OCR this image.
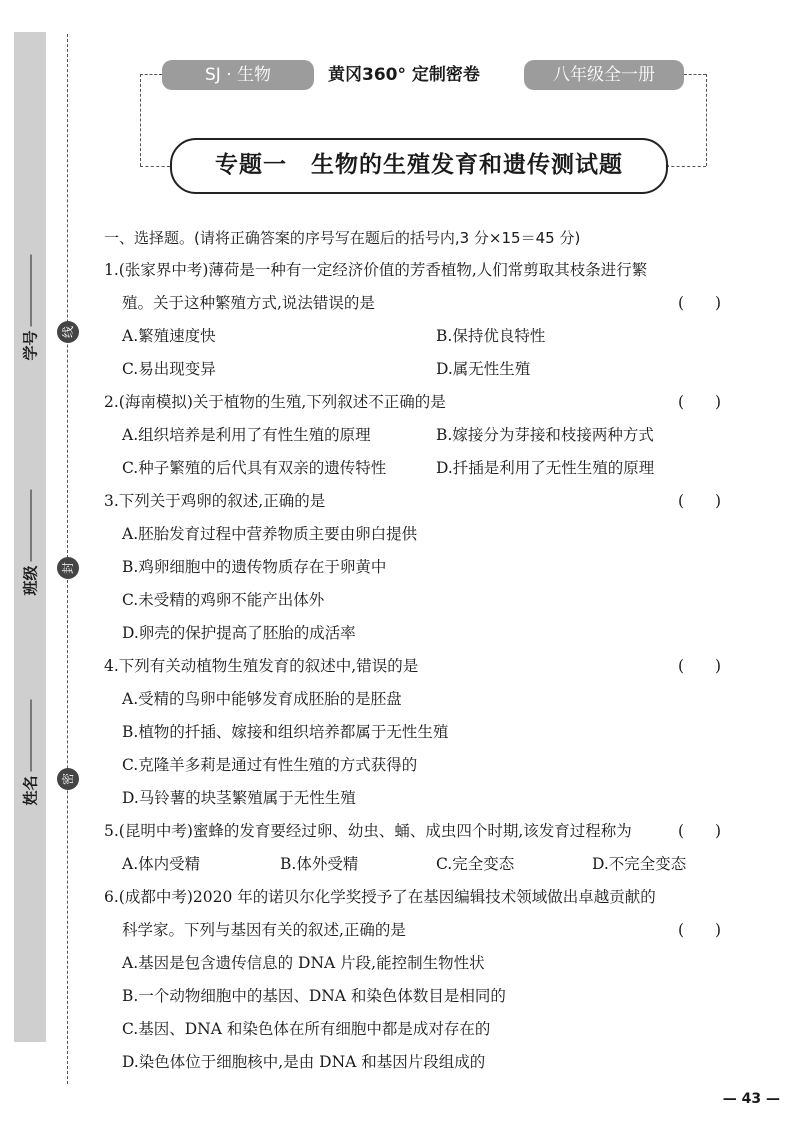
线
封
密
学号
班级
姓名
SJ · 生物	黄冈360° 定制密卷	八年级全一册
专题一　生物的生殖发育和遗传测试题
一、选择题。(请将正确答案的序号写在题后的括号内,3 分×15＝45 分)
1.(张家界中考)薄荷是一种有一定经济价值的芳香植物,人们常剪取其枝条进行繁
殖。关于这种繁殖方式,说法错误的是	(　　)
A.繁殖速度快	B.保持优良特性
C.易出现变异	D.属无性生殖
2.(海南模拟)关于植物的生殖,下列叙述不正确的是	(　　)
A.组织培养是利用了有性生殖的原理	B.嫁接分为芽接和枝接两种方式
C.种子繁殖的后代具有双亲的遗传特性	D.扦插是利用了无性生殖的原理
3.下列关于鸡卵的叙述,正确的是	(　　)
A.胚胎发育过程中营养物质主要由卵白提供
B.鸡卵细胞中的遗传物质存在于卵黄中
C.未受精的鸡卵不能产出体外
D.卵壳的保护提高了胚胎的成活率
4.下列有关动植物生殖发育的叙述中,错误的是	(　　)
A.受精的鸟卵中能够发育成胚胎的是胚盘
B.植物的扦插、嫁接和组织培养都属于无性生殖
C.克隆羊多莉是通过有性生殖的方式获得的
D.马铃薯的块茎繁殖属于无性生殖
5.(昆明中考)蜜蜂的发育要经过卵、幼虫、蛹、成虫四个时期,该发育过程称为	(　　)
A.体内受精	B.体外受精	C.完全变态	D.不完全变态
6.(成都中考)2020 年的诺贝尔化学奖授予了在基因编辑技术领域做出卓越贡献的
科学家。下列与基因有关的叙述,正确的是	(　　)
A.基因是包含遗传信息的 DNA 片段,能控制生物性状
B.一个动物细胞中的基因、DNA 和染色体数目是相同的
C.基因、DNA 和染色体在所有细胞中都是成对存在的
D.染色体位于细胞核中,是由 DNA 和基因片段组成的
— 43 —
